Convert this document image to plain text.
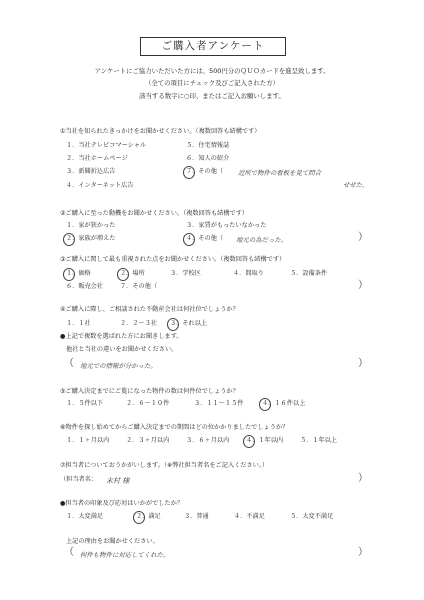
ご購入者アンケート
アンケートにご協力いただいた方には、500円分のＱＵＯカードを進呈致します。
（全ての項目にチェック及びご記入された方）
該当する数字に○印、またはご記入お願いします。
①当社を知られたきっかけをお聞かせください。（複数回答も結構です）
１．当社テレビコマーシャル
２．当社ホームページ
３．新聞折込広告
４．インターネット広告
５．住宅情報誌
６．知人の紹介
７．その他（ 近所で物件の看板を見て問合
せせた。
②ご購入に至った動機をお聞かせください。（複数回答も結構です）
１．家が狭かった
２．家族が増えた
３．家賃がもったいなかった
４．その他（ 地元の為だった。	）
③ご購入に関して最も重視された点をお聞かせください。（複数回答も結構です）
１．価格	２．場所	３．学校区	４．間取り	５．設備条件
６．販売会社	７．その他（	）
④ご購入に際し、ご相談された不動産会社は何社位でしょうか？
１．１社	２．２～３社 ３．それ以上
●上記で複数を選ばれた方にお聞きします。
他社と当社の違いをお聞かせください。
（ 地元での情報が分かった。	）
⑤ご購入決定までにご覧になった物件の数は何件位でしょうか？
１．５件以下	２．６～１０件	３．１１～１５件	４．１６件以上
⑥物件を探し始めてからご購入決定までの期間はどの位かかりましたでしょうか？
１．１ヶ月以内	２．３ヶ月以内	３．６ヶ月以内	４．１年以内	５．１年以上
⑦担当者についておうかがいします。（※弊社担当者名をご記入ください。）
（担当者名： 末村 様	）
●担当者の印象及び応対はいかがでしたか？
１．大変満足	２．満足	３．普通	４．不満足	５．大変不満足
上記の理由をお聞かせください。
（ 何件も物件に対応してくれた。	）
